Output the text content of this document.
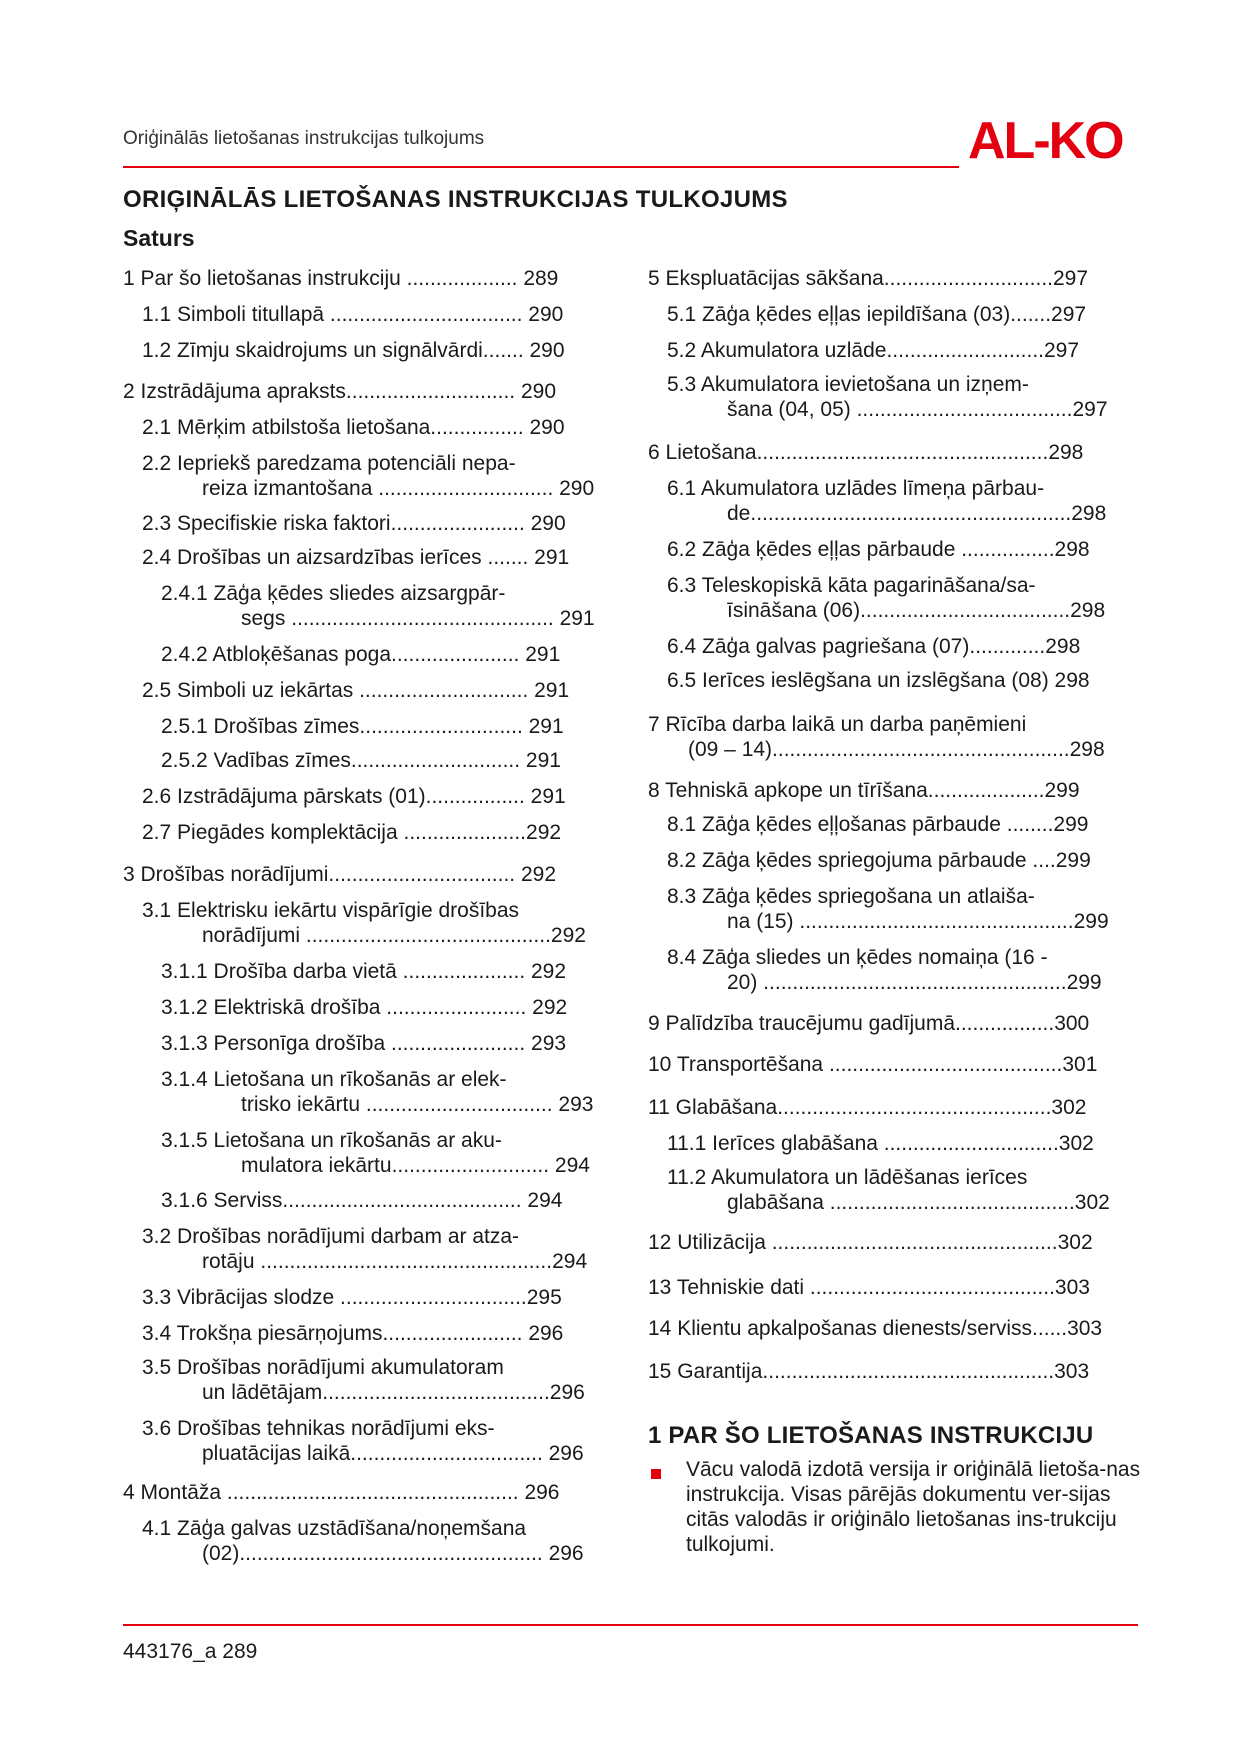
Oriģinālās lietošanas instrukcijas tulkojums	AL-KO
ORIĢINĀLĀS LIETOŠANAS INSTRUKCIJAS TULKOJUMS
Saturs
1 Par šo lietošanas instrukciju ................... 289
1.1 Simboli titullapā ................................. 290
1.2 Zīmju skaidrojums un signālvārdi....... 290
2 Izstrādājuma apraksts............................. 290
2.1 Mērķim atbilstoša lietošana................ 290
2.2 Iepriekš paredzama potenciāli nepa-
reiza izmantošana .............................. 290
2.3 Specifiskie riska faktori....................... 290
2.4 Drošības un aizsardzības ierīces ....... 291
2.4.1 Zāģa ķēdes sliedes aizsargpār-
segs ............................................. 291
2.4.2 Atbloķēšanas poga...................... 291
2.5 Simboli uz iekārtas ............................. 291
2.5.1 Drošības zīmes............................ 291
2.5.2 Vadības zīmes............................. 291
2.6 Izstrādājuma pārskats (01)................. 291
2.7 Piegādes komplektācija .....................292
3 Drošības norādījumi................................ 292
3.1 Elektrisku iekārtu vispārīgie drošības
norādījumi ..........................................292
3.1.1 Drošība darba vietā ..................... 292
3.1.2 Elektriskā drošība ........................ 292
3.1.3 Personīga drošība ....................... 293
3.1.4 Lietošana un rīkošanās ar elek-
trisko iekārtu ................................ 293
3.1.5 Lietošana un rīkošanās ar aku-
mulatora iekārtu........................... 294
3.1.6 Serviss......................................... 294
3.2 Drošības norādījumi darbam ar atza-
rotāju ..................................................294
3.3 Vibrācijas slodze ................................295
3.4 Trokšņa piesārņojums........................ 296
3.5 Drošības norādījumi akumulatoram
un lādētājam.......................................296
3.6 Drošības tehnikas norādījumi eks-
pluatācijas laikā................................. 296
4 Montāža .................................................. 296
4.1 Zāģa galvas uzstādīšana/noņemšana
(02).................................................... 296
5 Ekspluatācijas sākšana.............................297
5.1 Zāģa ķēdes eļļas iepildīšana (03).......297
5.2 Akumulatora uzlāde...........................297
5.3 Akumulatora ievietošana un izņem-
šana (04, 05) .....................................297
6 Lietošana..................................................298
6.1 Akumulatora uzlādes līmeņa pārbau-
de.......................................................298
6.2 Zāģa ķēdes eļļas pārbaude ................298
6.3 Teleskopiskā kāta pagarināšana/sa-
īsināšana (06)....................................298
6.4 Zāģa galvas pagriešana (07).............298
6.5 Ierīces ieslēgšana un izslēgšana (08) 298
7 Rīcība darba laikā un darba paņēmieni
(09 – 14)...................................................298
8 Tehniskā apkope un tīrīšana....................299
8.1 Zāģa ķēdes eļļošanas pārbaude ........299
8.2 Zāģa ķēdes spriegojuma pārbaude ....299
8.3 Zāģa ķēdes spriegošana un atlaiša-
na (15) ...............................................299
8.4 Zāģa sliedes un ķēdes nomaiņa (16 -
20) ....................................................299
9 Palīdzība traucējumu gadījumā.................300
10 Transportēšana ........................................301
11 Glabāšana...............................................302
11.1 Ierīces glabāšana ..............................302
11.2 Akumulatora un lādēšanas ierīces
glabāšana ..........................................302
12 Utilizācija .................................................302
13 Tehniskie dati ..........................................303
14 Klientu apkalpošanas dienests/serviss......303
15 Garantija..................................................303
1 PAR ŠO LIETOŠANAS INSTRUKCIJU
Vācu valodā izdotā versija ir oriģinālā lietoša-nas instrukcija. Visas pārējās dokumentu ver-sijas citās valodās ir oriģinālo lietošanas ins-trukciju tulkojumi.
443176_a 289
